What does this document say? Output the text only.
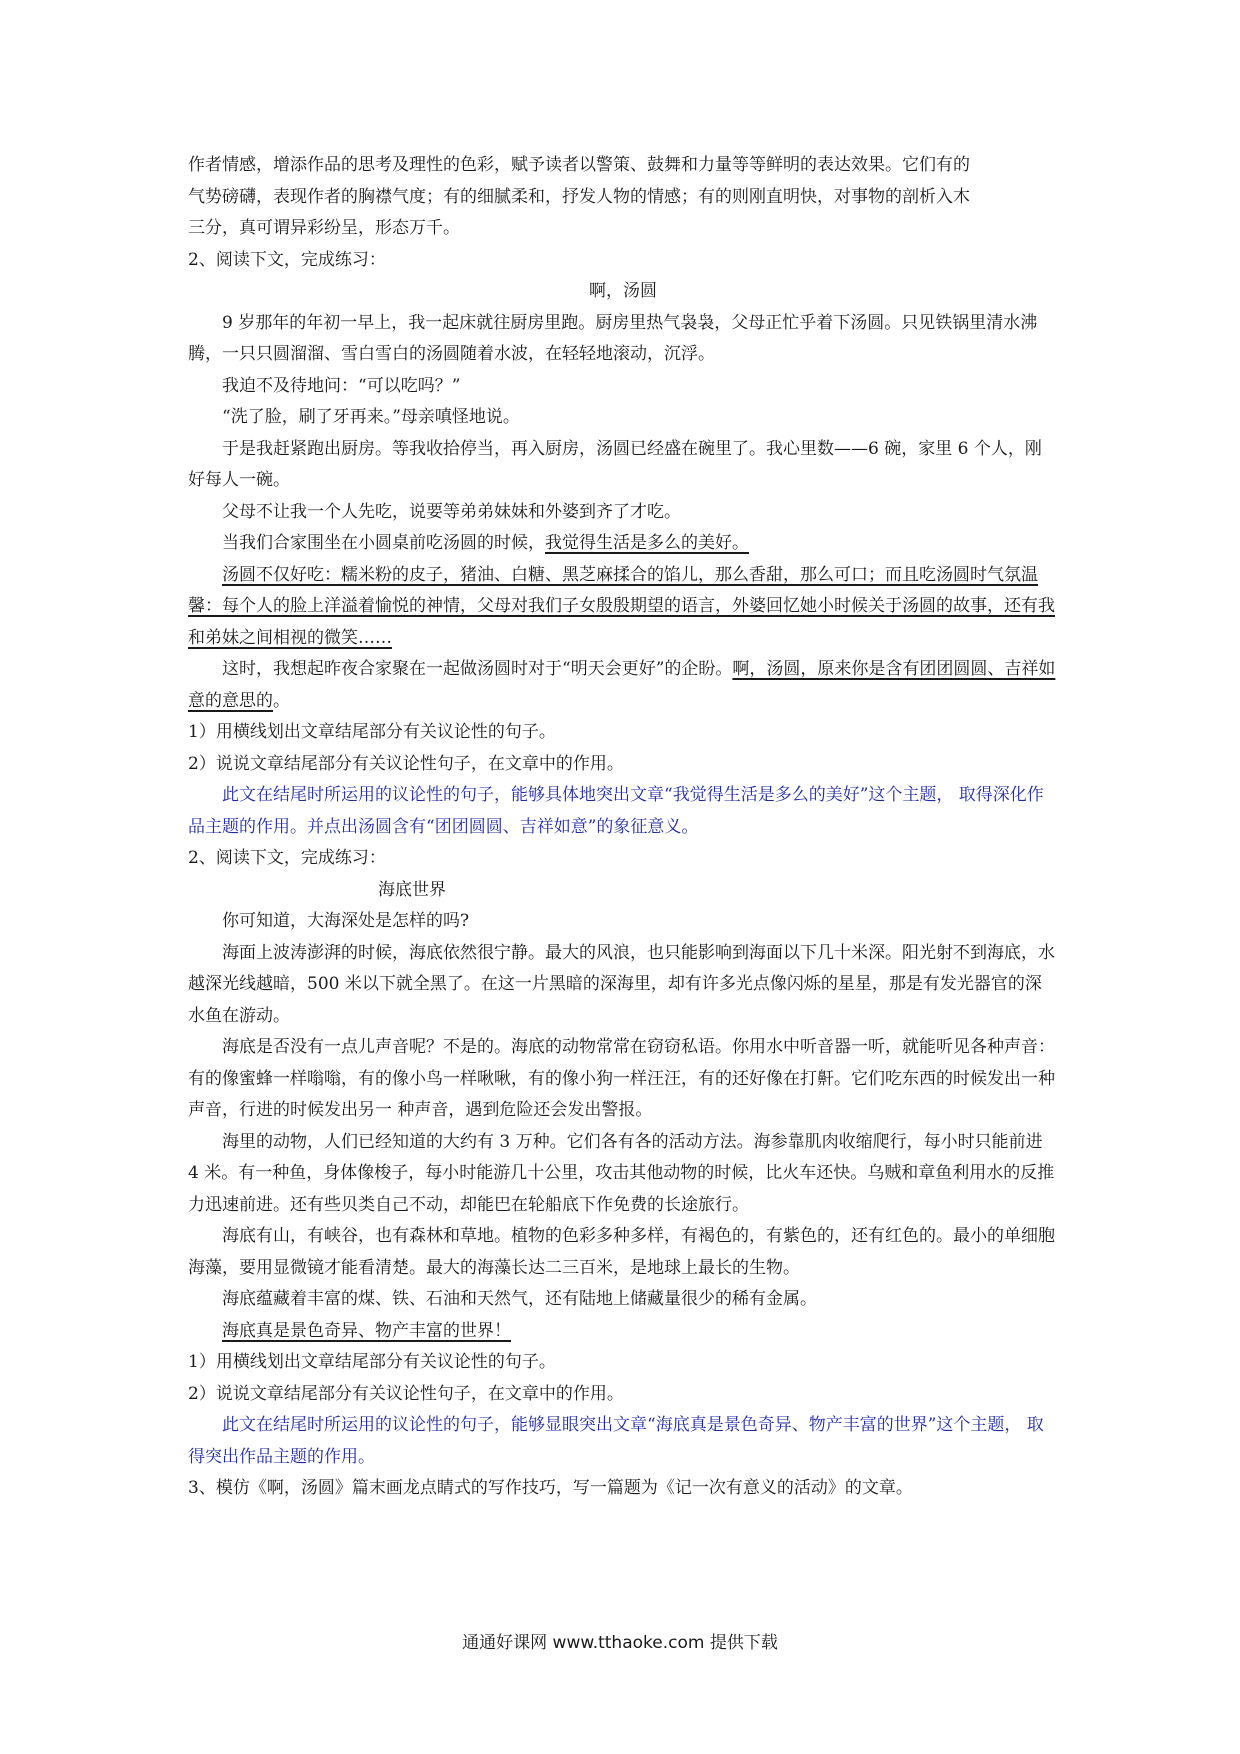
作者情感，增添作品的思考及理性的色彩，赋予读者以警策、鼓舞和力量等等鲜明的表达效果。它们有的

气势磅礴，表现作者的胸襟气度；有的细腻柔和，抒发人物的情感；有的则刚直明快，对事物的剖析入木

三分，真可谓异彩纷呈，形态万千。

2、阅读下文，完成练习：

啊，汤圆

9 岁那年的年初一早上，我一起床就往厨房里跑。厨房里热气袅袅，父母正忙乎着下汤圆。只见铁锅里清水沸腾，一只只圆溜溜、雪白雪白的汤圆随着水波，在轻轻地滚动，沉浮。

我迫不及待地问：“可以吃吗？”

“洗了脸，刷了牙再来。”母亲嗔怪地说。

于是我赶紧跑出厨房。等我收拾停当，再入厨房，汤圆已经盛在碗里了。我心里数——6 碗，家里 6 个人，刚好每人一碗。

父母不让我一个人先吃，说要等弟弟妹妹和外婆到齐了才吃。

当我们合家围坐在小圆桌前吃汤圆的时候，我觉得生活是多么的美好。

汤圆不仅好吃：糯米粉的皮子，猪油、白糖、黑芝麻揉合的馅儿，那么香甜，那么可口；而且吃汤圆时气氛温馨：每个人的脸上洋溢着愉悦的神情，父母对我们子女殷殷期望的语言，外婆回忆她小时候关于汤圆的故事，还有我和弟妹之间相视的微笑……

这时，我想起昨夜合家聚在一起做汤圆时对于“明天会更好”的企盼。啊，汤圆，原来你是含有团团圆圆、吉祥如意的意思的。

1）用横线划出文章结尾部分有关议论性的句子。

2）说说文章结尾部分有关议论性句子，在文章中的作用。

此文在结尾时所运用的议论性的句子，能够具体地突出文章“我觉得生活是多么的美好”这个主题， 取得深化作品主题的作用。并点出汤圆含有“团团圆圆、吉祥如意”的象征意义。

2、阅读下文，完成练习：

海底世界

你可知道，大海深处是怎样的吗?

海面上波涛澎湃的时候，海底依然很宁静。最大的风浪，也只能影响到海面以下几十米深。阳光射不到海底，水越深光线越暗，500 米以下就全黑了。在这一片黑暗的深海里，却有许多光点像闪烁的星星，那是有发光器官的深水鱼在游动。

海底是否没有一点儿声音呢？不是的。海底的动物常常在窃窃私语。你用水中听音器一听，就能听见各种声音：有的像蜜蜂一样嗡嗡，有的像小鸟一样啾啾，有的像小狗一样汪汪，有的还好像在打鼾。它们吃东西的时候发出一种声音，行进的时候发出另一 种声音，遇到危险还会发出警报。

海里的动物，人们已经知道的大约有 3 万种。它们各有各的活动方法。海参靠肌肉收缩爬行，每小时只能前进 4 米。有一种鱼，身体像梭子，每小时能游几十公里，攻击其他动物的时候，比火车还快。乌贼和章鱼利用水的反推力迅速前进。还有些贝类自己不动，却能巴在轮船底下作免费的长途旅行。

海底有山，有峡谷，也有森林和草地。植物的色彩多种多样，有褐色的，有紫色的，还有红色的。最小的单细胞海藻，要用显微镜才能看清楚。最大的海藻长达二三百米，是地球上最长的生物。

海底蕴藏着丰富的煤、铁、石油和天然气，还有陆地上储藏量很少的稀有金属。

海底真是景色奇异、物产丰富的世界！

1）用横线划出文章结尾部分有关议论性的句子。

2）说说文章结尾部分有关议论性句子，在文章中的作用。

此文在结尾时所运用的议论性的句子，能够显眼突出文章“海底真是景色奇异、物产丰富的世界”这个主题， 取得突出作品主题的作用。

3、模仿《啊，汤圆》篇末画龙点睛式的写作技巧，写一篇题为《记一次有意义的活动》的文章。

通通好课网 www.tthaoke.com 提供下载
